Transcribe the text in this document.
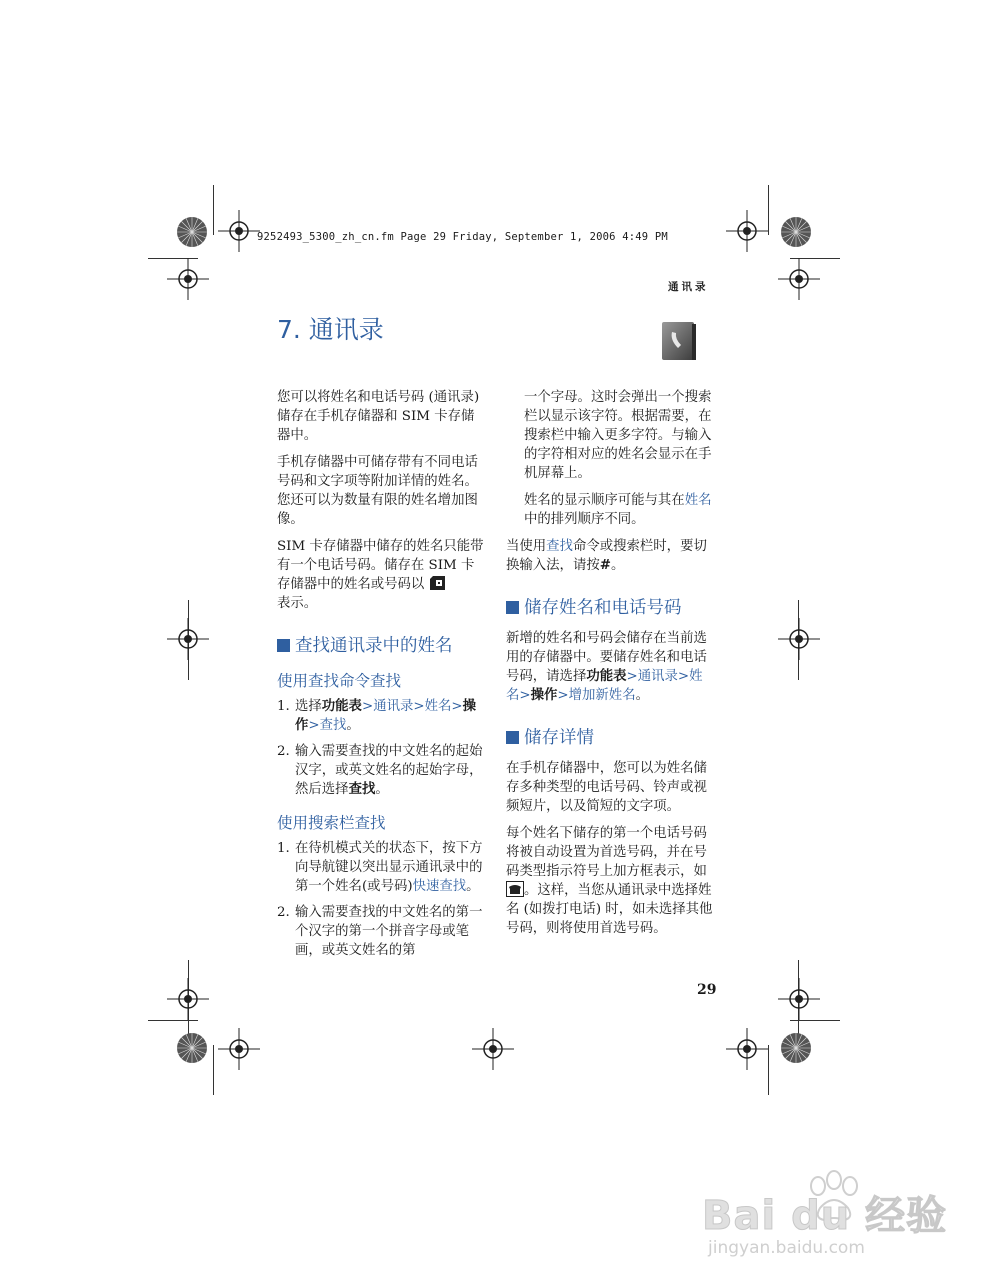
9252493_5300_zh_cn.fm Page 29 Friday, September 1, 2006 4:49 PM
通讯录
7. 通讯录

您可以将姓名和电话号码 (通讯录) 储存在手机存储器和 SIM 卡存储器中。

手机存储器中可储存带有不同电话号码和文字项等附加详情的姓名。您还可以为数量有限的姓名增加图像。

SIM 卡存储器中储存的姓名只能带有一个电话号码。储存在 SIM 卡存储器中的姓名或号码以
表示。

查找通讯录中的姓名
使用查找命令查找
1. 选择功能表>通讯录>姓名>操作>查找。
2. 输入需要查找的中文姓名的起始汉字，或英文姓名的起始字母，然后选择查找。
使用搜索栏查找
1. 在待机模式关的状态下，按下方向导航键以突出显示通讯录中的第一个姓名(或号码)快速查找。
2. 输入需要查找的中文姓名的第一个汉字的第一个拼音字母或笔画，或英文姓名的第

一个字母。这时会弹出一个搜索栏以显示该字符。根据需要，在搜索栏中输入更多字符。与输入的字符相对应的姓名会显示在手机屏幕上。

姓名的显示顺序可能与其在姓名中的排列顺序不同。

当使用查找命令或搜索栏时，要切换输入法，请按#。

储存姓名和电话号码

新增的姓名和号码会储存在当前选用的存储器中。要储存姓名和电话号码，请选择功能表>通讯录>姓名>操作>增加新姓名。

储存详情

在手机存储器中，您可以为姓名储存多种类型的电话号码、铃声或视频短片，以及简短的文字项。

每个姓名下储存的第一个电话号码将被自动设置为首选号码，并在号码类型指示符号上加方框表示，如 。这样，当您从通讯录中选择姓名 (如拨打电话) 时，如未选择其他号码，则将使用首选号码。

29
Bai du 经验
jingyan.baidu.com
